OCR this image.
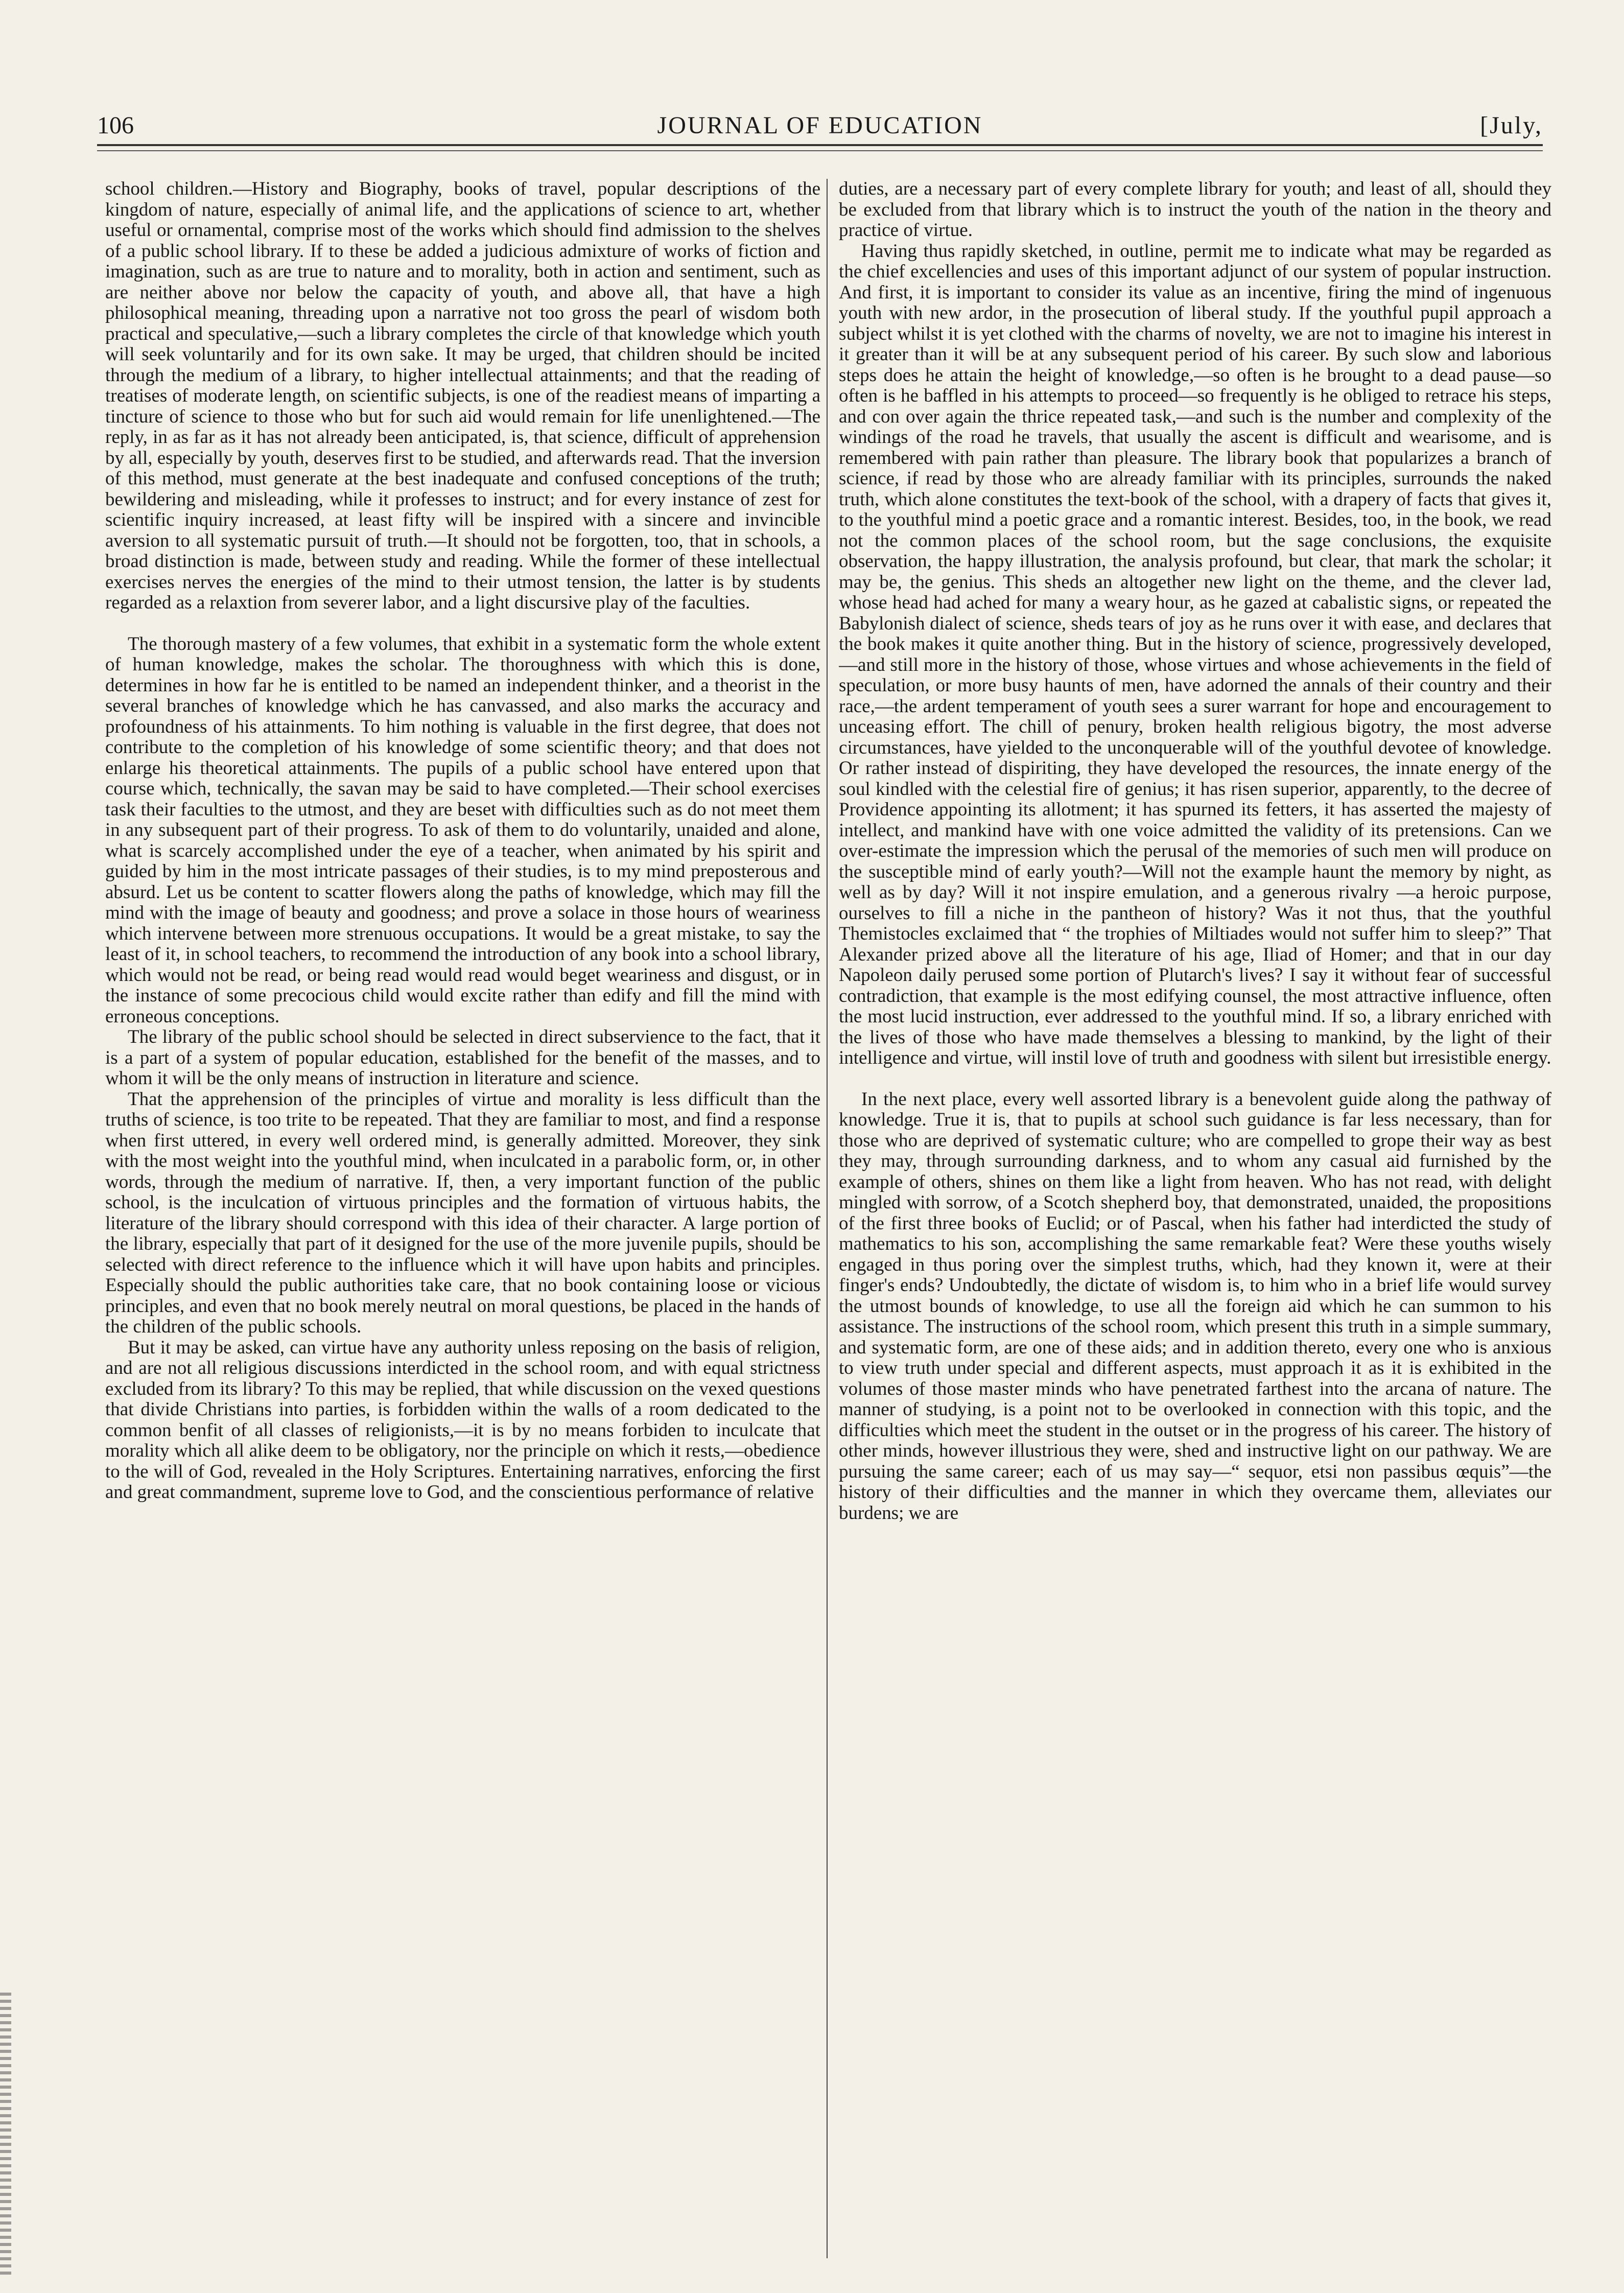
106	JOURNAL OF EDUCATION	[July,

school children.—History and Biography, books of travel, popular descriptions of the kingdom of nature, especially of animal life, and the applications of science to art, whether useful or ornamental, comprise most of the works which should find admission to the shelves of a public school library. If to these be added a judicious admixture of works of fiction and imagination, such as are true to nature and to morality, both in action and sentiment, such as are neither above nor below the capacity of youth, and above all, that have a high philosophical meaning, threading upon a narrative not too gross the pearl of wisdom both practical and speculative,—such a library completes the circle of that knowledge which youth will seek voluntarily and for its own sake. It may be urged, that children should be incited through the medium of a library, to higher intellectual attainments; and that the reading of treatises of moderate length, on scientific subjects, is one of the readiest means of imparting a tincture of science to those who but for such aid would remain for life unenlightened.—The reply, in as far as it has not already been anticipated, is, that science, difficult of apprehension by all, especially by youth, deserves first to be studied, and afterwards read. That the inversion of this method, must generate at the best inadequate and confused conceptions of the truth; bewildering and misleading, while it professes to instruct; and for every instance of zest for scientific inquiry increased, at least fifty will be inspired with a sincere and invincible aversion to all systematic pursuit of truth.—It should not be forgotten, too, that in schools, a broad distinction is made, between study and reading. While the former of these intellectual exercises nerves the energies of the mind to their utmost tension, the latter is by students regarded as a relaxtion from severer labor, and a light discursive play of the faculties.

The thorough mastery of a few volumes, that exhibit in a systematic form the whole extent of human knowledge, makes the scholar. The thoroughness with which this is done, determines in how far he is entitled to be named an independent thinker, and a theorist in the several branches of knowledge which he has canvassed, and also marks the accuracy and profoundness of his attainments. To him nothing is valuable in the first degree, that does not contribute to the completion of his knowledge of some scientific theory; and that does not enlarge his theoretical attainments. The pupils of a public school have entered upon that course which, technically, the savan may be said to have completed.—Their school exercises task their faculties to the utmost, and they are beset with difficulties such as do not meet them in any subsequent part of their progress. To ask of them to do voluntarily, unaided and alone, what is scarcely accomplished under the eye of a teacher, when animated by his spirit and guided by him in the most intricate passages of their studies, is to my mind preposterous and absurd. Let us be content to scatter flowers along the paths of knowledge, which may fill the mind with the image of beauty and goodness; and prove a solace in those hours of weariness which intervene between more strenuous occupations. It would be a great mistake, to say the least of it, in school teachers, to recommend the introduction of any book into a school library, which would not be read, or being read would read would beget weariness and disgust, or in the instance of some precocious child would excite rather than edify and fill the mind with erroneous conceptions.

The library of the public school should be selected in direct subservience to the fact, that it is a part of a system of popular education, established for the benefit of the masses, and to whom it will be the only means of instruction in literature and science.

That the apprehension of the principles of virtue and morality is less difficult than the truths of science, is too trite to be repeated. That they are familiar to most, and find a response when first uttered, in every well ordered mind, is generally admitted. Moreover, they sink with the most weight into the youthful mind, when inculcated in a parabolic form, or, in other words, through the medium of narrative. If, then, a very important function of the public school, is the inculcation of virtuous principles and the formation of virtuous habits, the literature of the library should correspond with this idea of their character. A large portion of the library, especially that part of it designed for the use of the more juvenile pupils, should be selected with direct reference to the influence which it will have upon habits and principles. Especially should the public authorities take care, that no book containing loose or vicious principles, and even that no book merely neutral on moral questions, be placed in the hands of the children of the public schools.

But it may be asked, can virtue have any authority unless reposing on the basis of religion, and are not all religious discussions interdicted in the school room, and with equal strictness excluded from its library? To this may be replied, that while discussion on the vexed questions that divide Christians into parties, is forbidden within the walls of a room dedicated to the common benfit of all classes of religionists,—it is by no means forbiden to inculcate that morality which all alike deem to be obligatory, nor the principle on which it rests,—obedience to the will of God, revealed in the Holy Scriptures. Entertaining narratives, enforcing the first and great commandment, supreme love to God, and the conscientious performance of relative

duties, are a necessary part of every complete library for youth; and least of all, should they be excluded from that library which is to instruct the youth of the nation in the theory and practice of virtue.

Having thus rapidly sketched, in outline, permit me to indicate what may be regarded as the chief excellencies and uses of this important adjunct of our system of popular instruction. And first, it is important to consider its value as an incentive, firing the mind of ingenuous youth with new ardor, in the prosecution of liberal study. If the youthful pupil approach a subject whilst it is yet clothed with the charms of novelty, we are not to imagine his interest in it greater than it will be at any subsequent period of his career. By such slow and laborious steps does he attain the height of knowledge,—so often is he brought to a dead pause—so often is he baffled in his attempts to proceed—so frequently is he obliged to retrace his steps, and con over again the thrice repeated task,—and such is the number and complexity of the windings of the road he travels, that usually the ascent is difficult and wearisome, and is remembered with pain rather than pleasure. The library book that popularizes a branch of science, if read by those who are already familiar with its principles, surrounds the naked truth, which alone constitutes the text-book of the school, with a drapery of facts that gives it, to the youthful mind a poetic grace and a romantic interest. Besides, too, in the book, we read not the common places of the school room, but the sage conclusions, the exquisite observation, the happy illustration, the analysis profound, but clear, that mark the scholar; it may be, the genius. This sheds an altogether new light on the theme, and the clever lad, whose head had ached for many a weary hour, as he gazed at cabalistic signs, or repeated the Babylonish dialect of science, sheds tears of joy as he runs over it with ease, and declares that the book makes it quite another thing. But in the history of science, progressively developed,—and still more in the history of those, whose virtues and whose achievements in the field of speculation, or more busy haunts of men, have adorned the annals of their country and their race,—the ardent temperament of youth sees a surer warrant for hope and encouragement to unceasing effort. The chill of penury, broken health religious bigotry, the most adverse circumstances, have yielded to the unconquerable will of the youthful devotee of knowledge. Or rather instead of dispiriting, they have developed the resources, the innate energy of the soul kindled with the celestial fire of genius; it has risen superior, apparently, to the decree of Providence appointing its allotment; it has spurned its fetters, it has asserted the majesty of intellect, and mankind have with one voice admitted the validity of its pretensions. Can we over-estimate the impression which the perusal of the memories of such men will produce on the susceptible mind of early youth?—Will not the example haunt the memory by night, as well as by day? Will it not inspire emulation, and a generous rivalry —a heroic purpose, ourselves to fill a niche in the pantheon of history? Was it not thus, that the youthful Themistocles exclaimed that “ the trophies of Miltiades would not suffer him to sleep?” That Alexander prized above all the literature of his age, Iliad of Homer; and that in our day Napoleon daily perused some portion of Plutarch's lives? I say it without fear of successful contradiction, that example is the most edifying counsel, the most attractive influence, often the most lucid instruction, ever addressed to the youthful mind. If so, a library enriched with the lives of those who have made themselves a blessing to mankind, by the light of their intelligence and virtue, will instil love of truth and goodness with silent but irresistible energy.

In the next place, every well assorted library is a benevolent guide along the pathway of knowledge. True it is, that to pupils at school such guidance is far less necessary, than for those who are deprived of systematic culture; who are compelled to grope their way as best they may, through surrounding darkness, and to whom any casual aid furnished by the example of others, shines on them like a light from heaven. Who has not read, with delight mingled with sorrow, of a Scotch shepherd boy, that demonstrated, unaided, the propositions of the first three books of Euclid; or of Pascal, when his father had interdicted the study of mathematics to his son, accomplishing the same remarkable feat? Were these youths wisely engaged in thus poring over the simplest truths, which, had they known it, were at their finger's ends? Undoubtedly, the dictate of wisdom is, to him who in a brief life would survey the utmost bounds of knowledge, to use all the foreign aid which he can summon to his assistance. The instructions of the school room, which present this truth in a simple summary, and systematic form, are one of these aids; and in addition thereto, every one who is anxious to view truth under special and different aspects, must approach it as it is exhibited in the volumes of those master minds who have penetrated farthest into the arcana of nature. The manner of studying, is a point not to be overlooked in connection with this topic, and the difficulties which meet the student in the outset or in the progress of his career. The history of other minds, however illustrious they were, shed and instructive light on our pathway. We are pursuing the same career; each of us may say—“ sequor, etsi non passibus œquis”—the history of their difficulties and the manner in which they overcame them, alleviates our burdens; we are
